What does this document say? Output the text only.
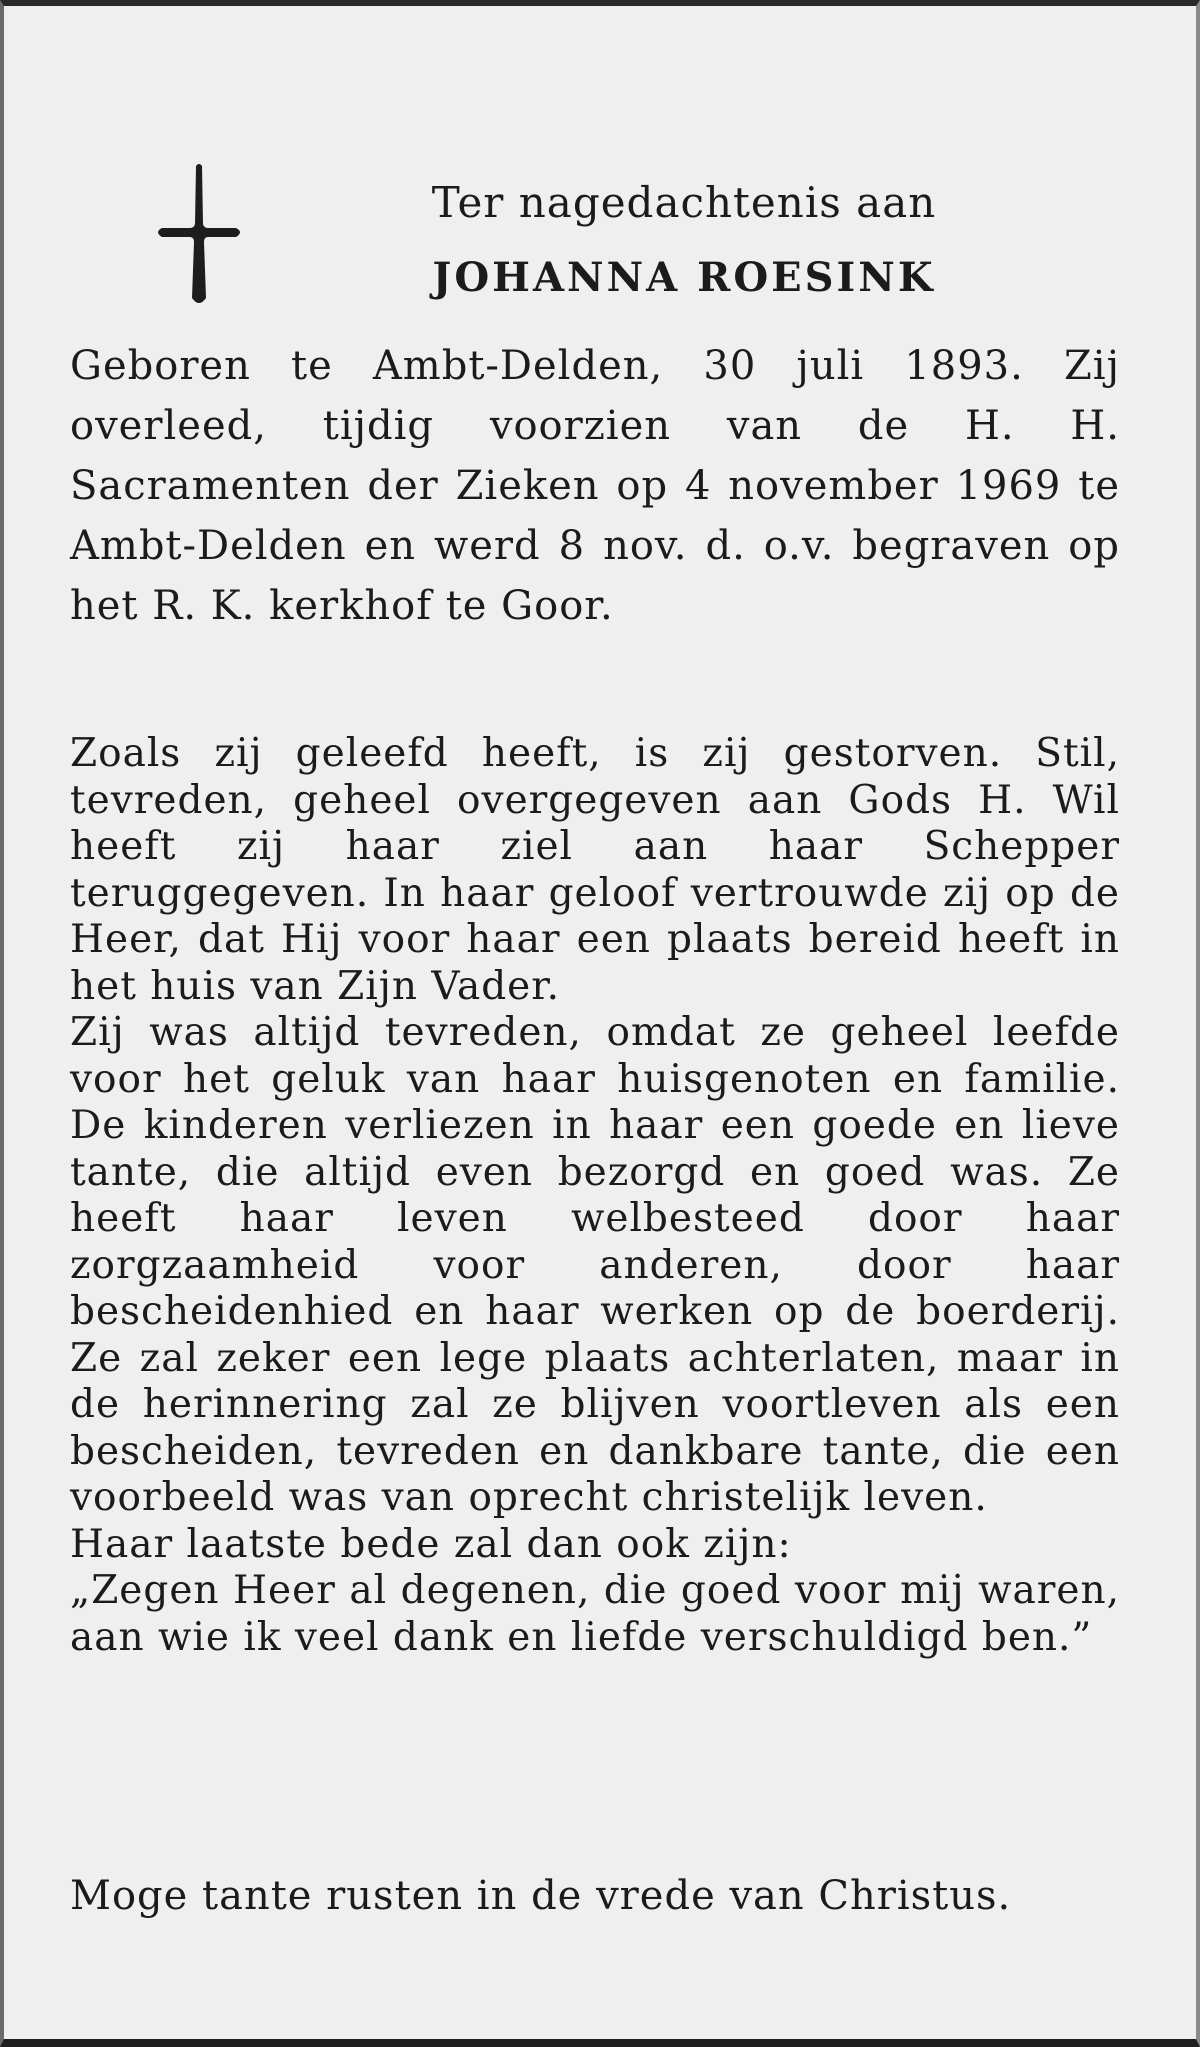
Ter nagedachtenis aan
JOHANNA ROESINK

Geboren te Ambt-Delden, 30 juli 1893. Zij overleed, tijdig voorzien van de H. H. Sacramenten der Zieken op 4 november 1969 te Ambt-Delden en werd 8 nov. d. o.v. begraven op het R. K. kerkhof te Goor.

Zoals zij geleefd heeft, is zij gestorven. Stil, tevreden, geheel overgegeven aan Gods H. Wil heeft zij haar ziel aan haar Schepper teruggegeven. In haar geloof vertrouwde zij op de Heer, dat Hij voor haar een plaats bereid heeft in het huis van Zijn Vader.

Zij was altijd tevreden, omdat ze geheel leefde voor het geluk van haar huisgenoten en familie. De kinderen verliezen in haar een goede en lieve tante, die altijd even bezorgd en goed was. Ze heeft haar leven welbesteed door haar zorgzaamheid voor anderen, door haar bescheidenhied en haar werken op de boerderij. Ze zal zeker een lege plaats achterlaten, maar in de herinnering zal ze blijven voortleven als een bescheiden, tevreden en dankbare tante, die een voorbeeld was van oprecht christelijk leven.

Haar laatste bede zal dan ook zijn:

„Zegen Heer al degenen, die goed voor mij waren, aan wie ik veel dank en liefde verschuldigd ben.”

Moge tante rusten in de vrede van Christus.
